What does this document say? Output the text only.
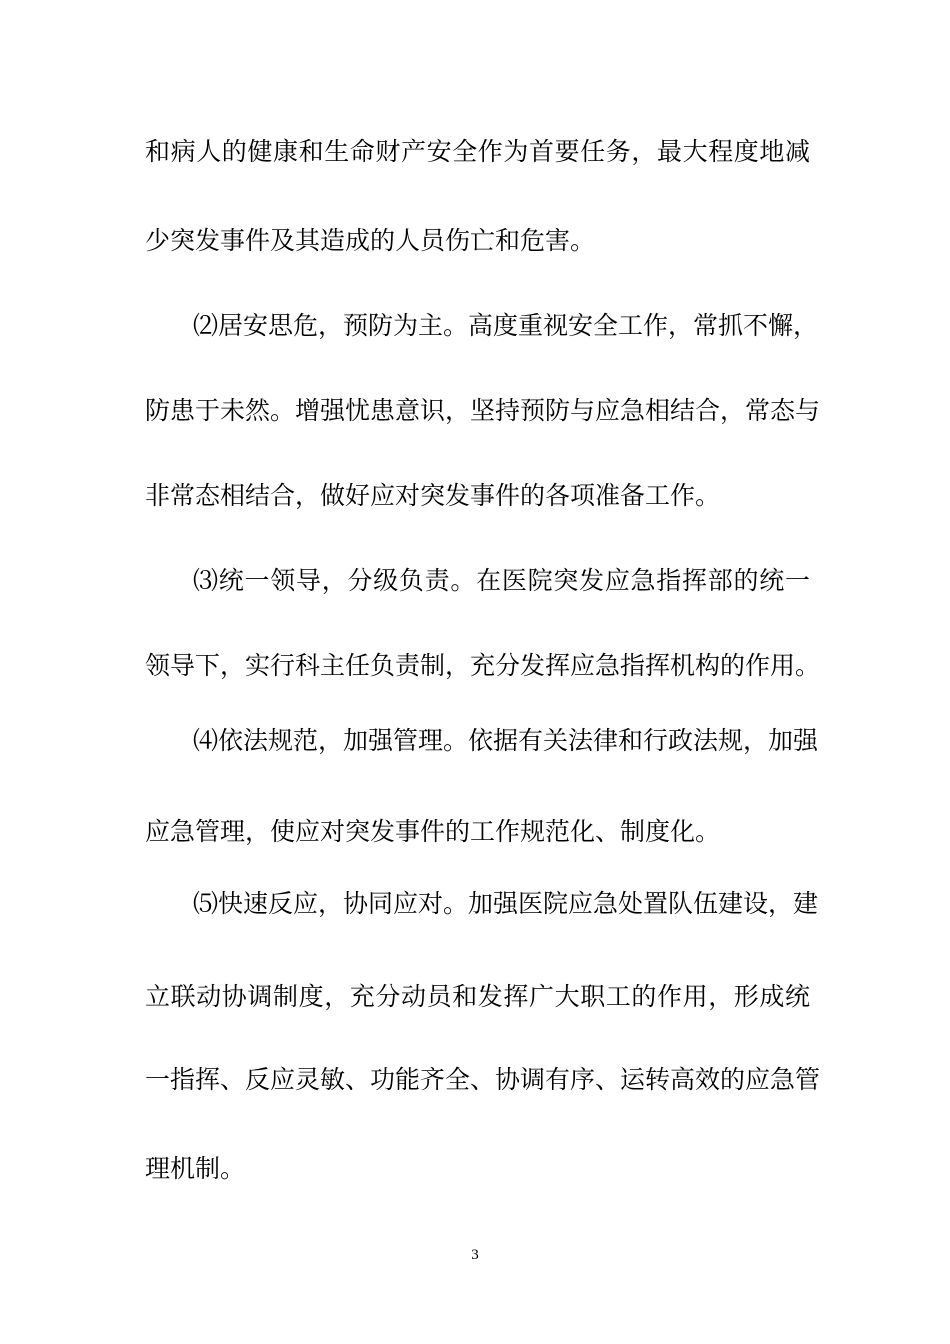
和病人的健康和生命财产安全作为首要任务，最大程度地减
少突发事件及其造成的人员伤亡和危害。
⑵居安思危，预防为主。高度重视安全工作，常抓不懈，
防患于未然。增强忧患意识，坚持预防与应急相结合，常态与
非常态相结合，做好应对突发事件的各项准备工作。
⑶统一领导，分级负责。在医院突发应急指挥部的统一
领导下，实行科主任负责制，充分发挥应急指挥机构的作用。
⑷依法规范，加强管理。依据有关法律和行政法规，加强
应急管理，使应对突发事件的工作规范化、制度化。
⑸快速反应，协同应对。加强医院应急处置队伍建设，建
立联动协调制度，充分动员和发挥广大职工的作用，形成统
一指挥、反应灵敏、功能齐全、协调有序、运转高效的应急管
理机制。
3
